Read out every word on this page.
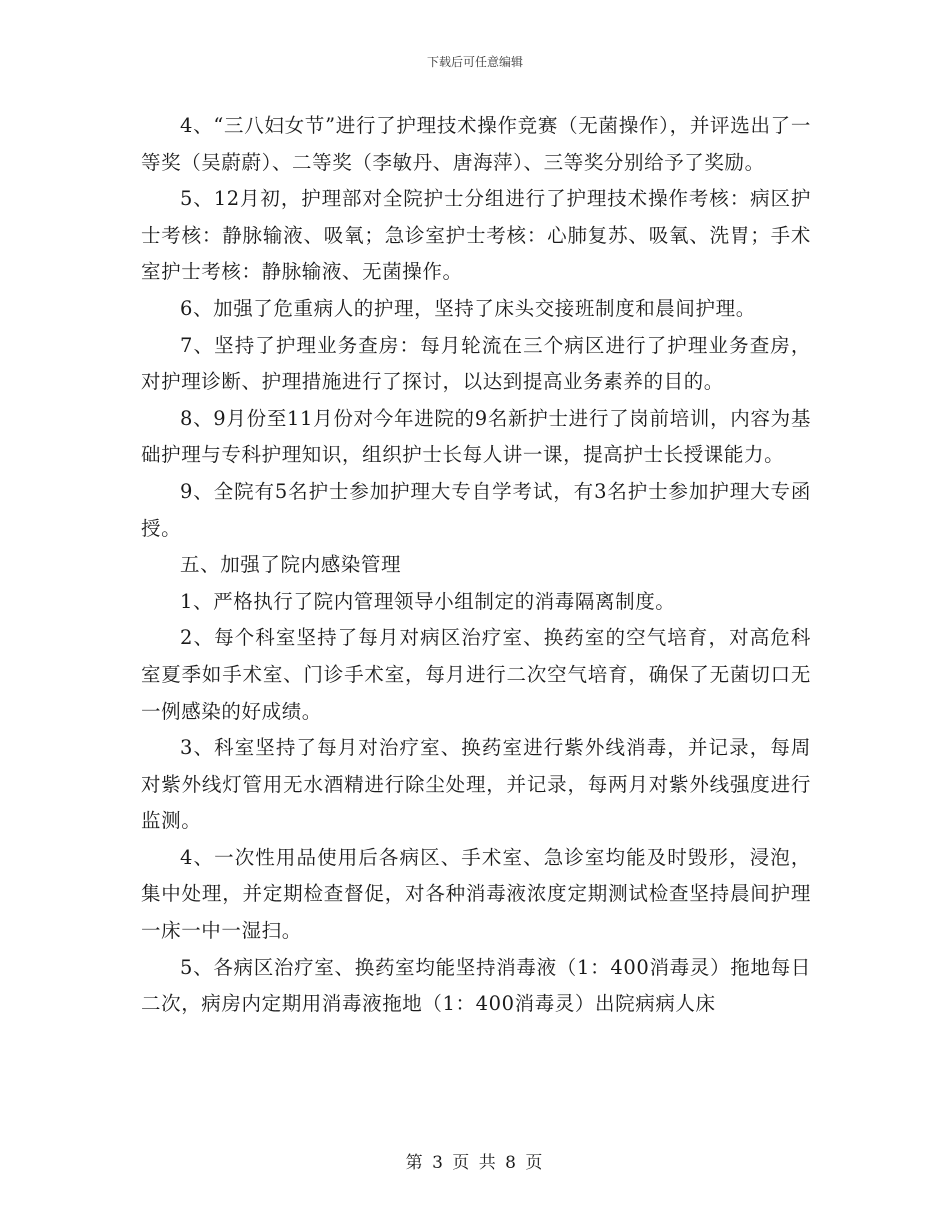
下载后可任意编辑

4、“三八妇女节”进行了护理技术操作竞赛（无菌操作），并评选出了一等奖（吴蔚蔚）、二等奖（李敏丹、唐海萍）、三等奖分别给予了奖励。

5、12月初，护理部对全院护士分组进行了护理技术操作考核：病区护士考核：静脉输液、吸氧；急诊室护士考核：心肺复苏、吸氧、洗胃；手术室护士考核：静脉输液、无菌操作。

6、加强了危重病人的护理，坚持了床头交接班制度和晨间护理。

7、坚持了护理业务查房：每月轮流在三个病区进行了护理业务查房，对护理诊断、护理措施进行了探讨，以达到提高业务素养的目的。

8、9月份至11月份对今年进院的9名新护士进行了岗前培训，内容为基础护理与专科护理知识，组织护士长每人讲一课，提高护士长授课能力。

9、全院有5名护士参加护理大专自学考试，有3名护士参加护理大专函授。

五、加强了院内感染管理

1、严格执行了院内管理领导小组制定的消毒隔离制度。

2、每个科室坚持了每月对病区治疗室、换药室的空气培育，对高危科室夏季如手术室、门诊手术室，每月进行二次空气培育，确保了无菌切口无一例感染的好成绩。

3、科室坚持了每月对治疗室、换药室进行紫外线消毒，并记录，每周对紫外线灯管用无水酒精进行除尘处理，并记录，每两月对紫外线强度进行监测。

4、一次性用品使用后各病区、手术室、急诊室均能及时毁形，浸泡，集中处理，并定期检查督促，对各种消毒液浓度定期测试检查坚持晨间护理一床一中一湿扫。

5、各病区治疗室、换药室均能坚持消毒液（1：400消毒灵）拖地每日二次，病房内定期用消毒液拖地（1：400消毒灵）出院病病人床

第 3 页 共 8 页
